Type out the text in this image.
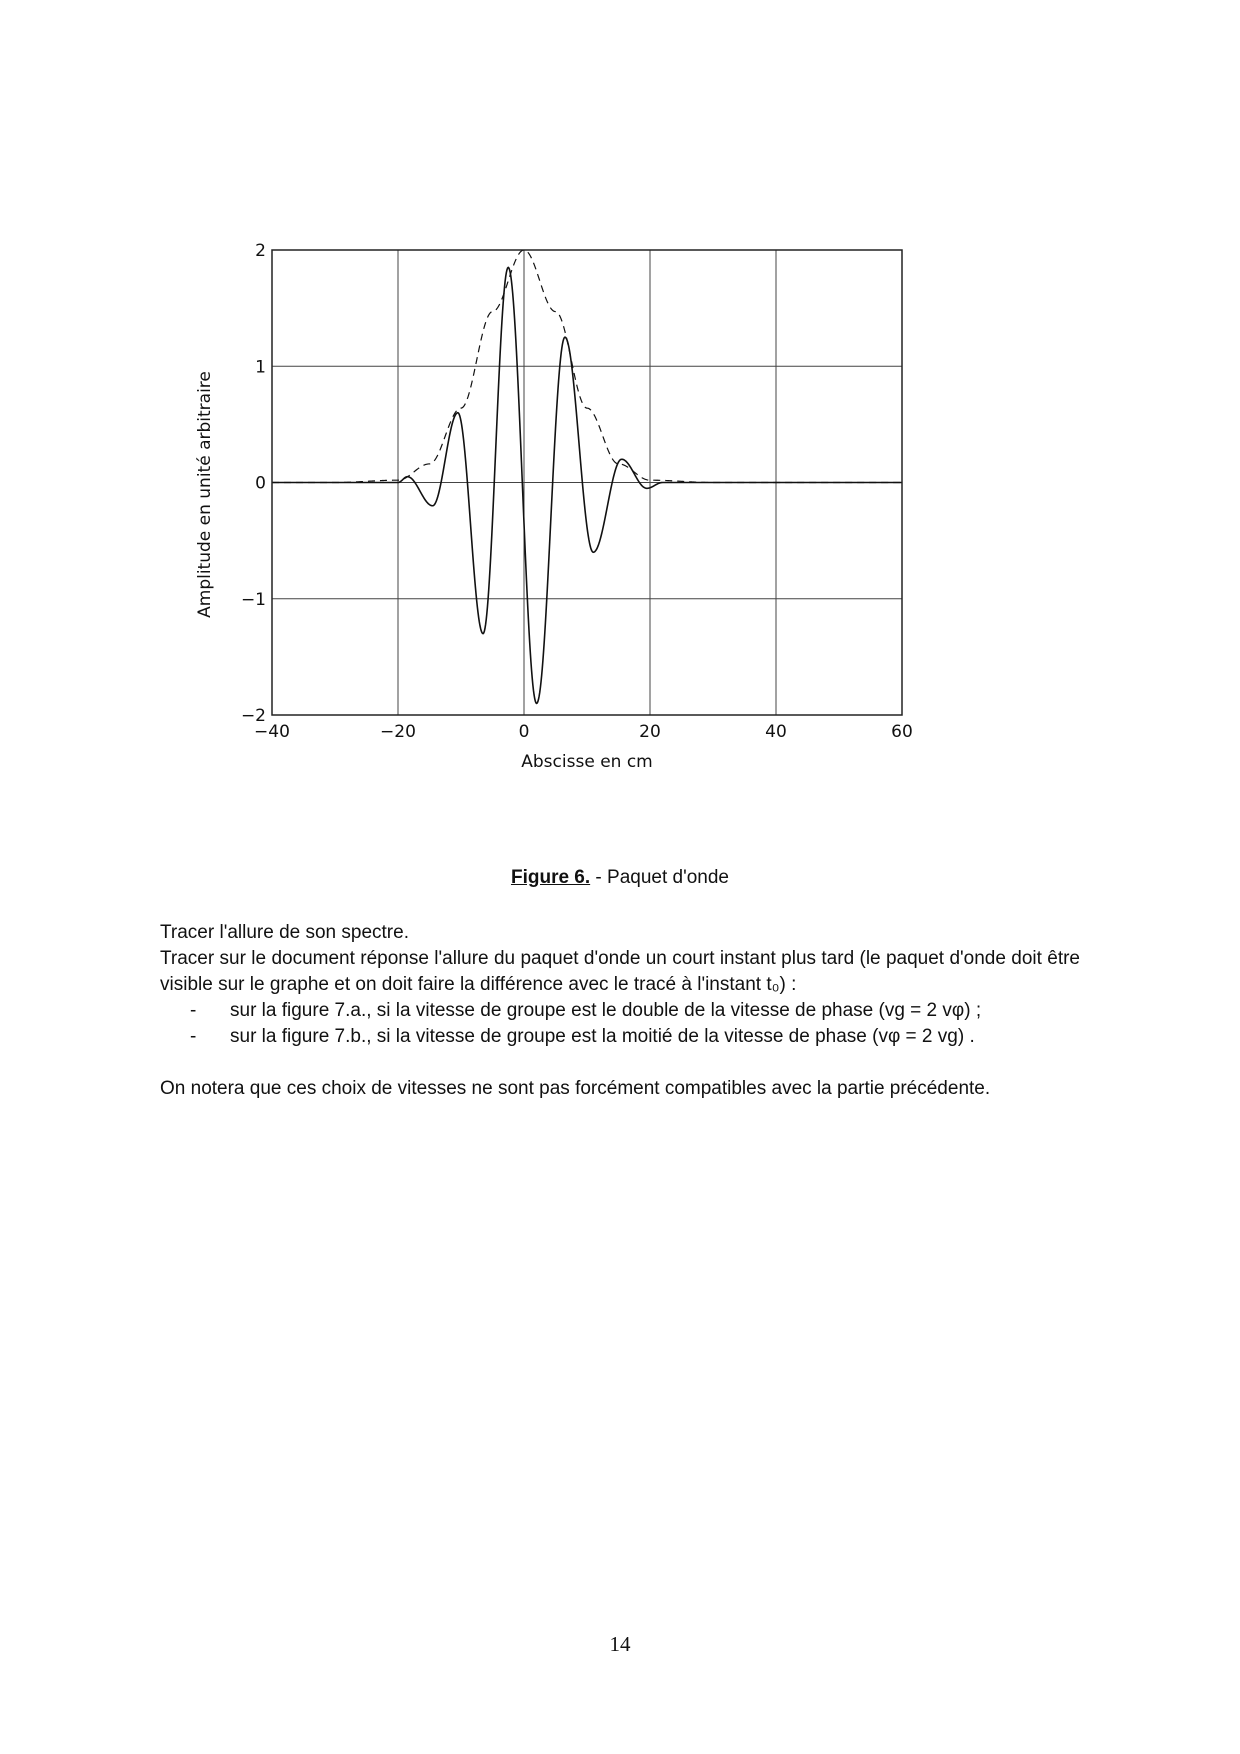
−40	−20	0	20	40	60
−2
−1
0
1
2
Abscisse en cm
Amplitude en unité arbitraire
Figure 6. - Paquet d'onde

Tracer l'allure de son spectre.

Tracer sur le document réponse l'allure du paquet d'onde un court instant plus tard (le paquet d'onde doit être visible sur le graphe et on doit faire la différence avec le tracé à l'instant t₀) :

- sur la figure 7.a., si la vitesse de groupe est le double de la vitesse de phase (vg = 2 vφ) ;
- sur la figure 7.b., si la vitesse de groupe est la moitié de la vitesse de phase (vφ = 2 vg) .

On notera que ces choix de vitesses ne sont pas forcément compatibles avec la partie précédente.

14
